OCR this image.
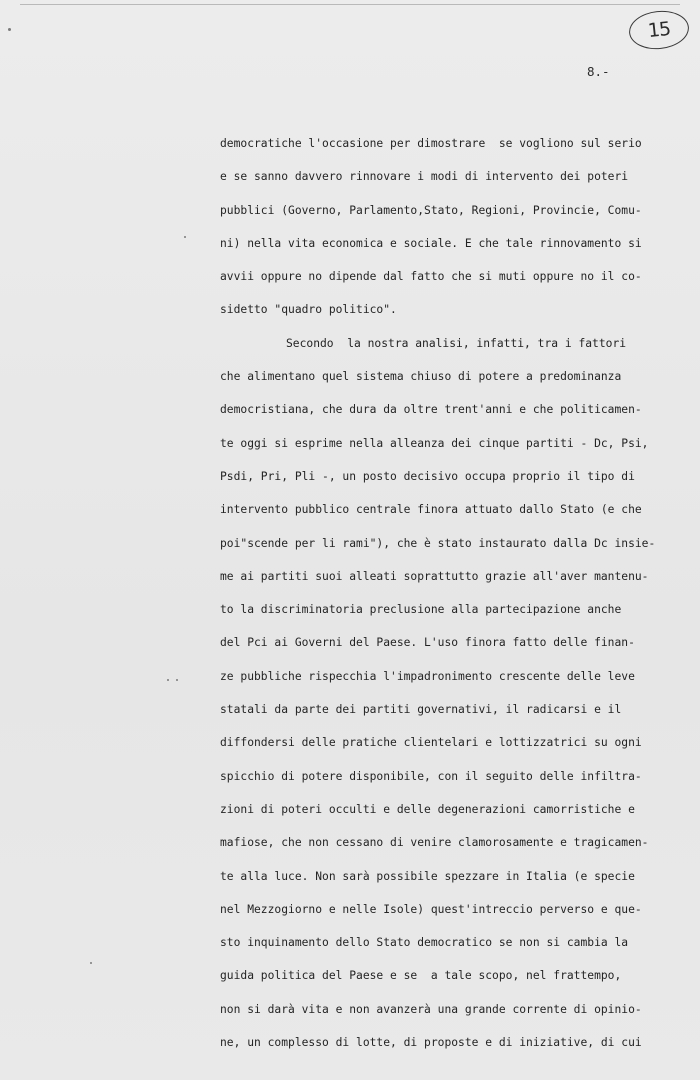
15
8.-
democratiche l'occasione per dimostrare  se vogliono sul serio
e se sanno davvero rinnovare i modi di intervento dei poteri
pubblici (Governo, Parlamento,Stato, Regioni, Provincie, Comu-
ni) nella vita economica e sociale. E che tale rinnovamento si
avvii oppure no dipende dal fatto che si muti oppure no il co-
sidetto "quadro politico".
Secondo  la nostra analisi, infatti, tra i fattori
che alimentano quel sistema chiuso di potere a predominanza
democristiana, che dura da oltre trent'anni e che politicamen-
te oggi si esprime nella alleanza dei cinque partiti - Dc, Psi,
Psdi, Pri, Pli -, un posto decisivo occupa proprio il tipo di
intervento pubblico centrale finora attuato dallo Stato (e che
poi"scende per li rami"), che è stato instaurato dalla Dc insie-
me ai partiti suoi alleati soprattutto grazie all'aver mantenu-
to la discriminatoria preclusione alla partecipazione anche
del Pci ai Governi del Paese. L'uso finora fatto delle finan-
ze pubbliche rispecchia l'impadronimento crescente delle leve
statali da parte dei partiti governativi, il radicarsi e il
diffondersi delle pratiche clientelari e lottizzatrici su ogni
spicchio di potere disponibile, con il seguito delle infiltra-
zioni di poteri occulti e delle degenerazioni camorristiche e
mafiose, che non cessano di venire clamorosamente e tragicamen-
te alla luce. Non sarà possibile spezzare in Italia (e specie
nel Mezzogiorno e nelle Isole) quest'intreccio perverso e que-
sto inquinamento dello Stato democratico se non si cambia la
guida politica del Paese e se  a tale scopo, nel frattempo,
non si darà vita e non avanzerà una grande corrente di opinio-
ne, un complesso di lotte, di proposte e di iniziative, di cui
